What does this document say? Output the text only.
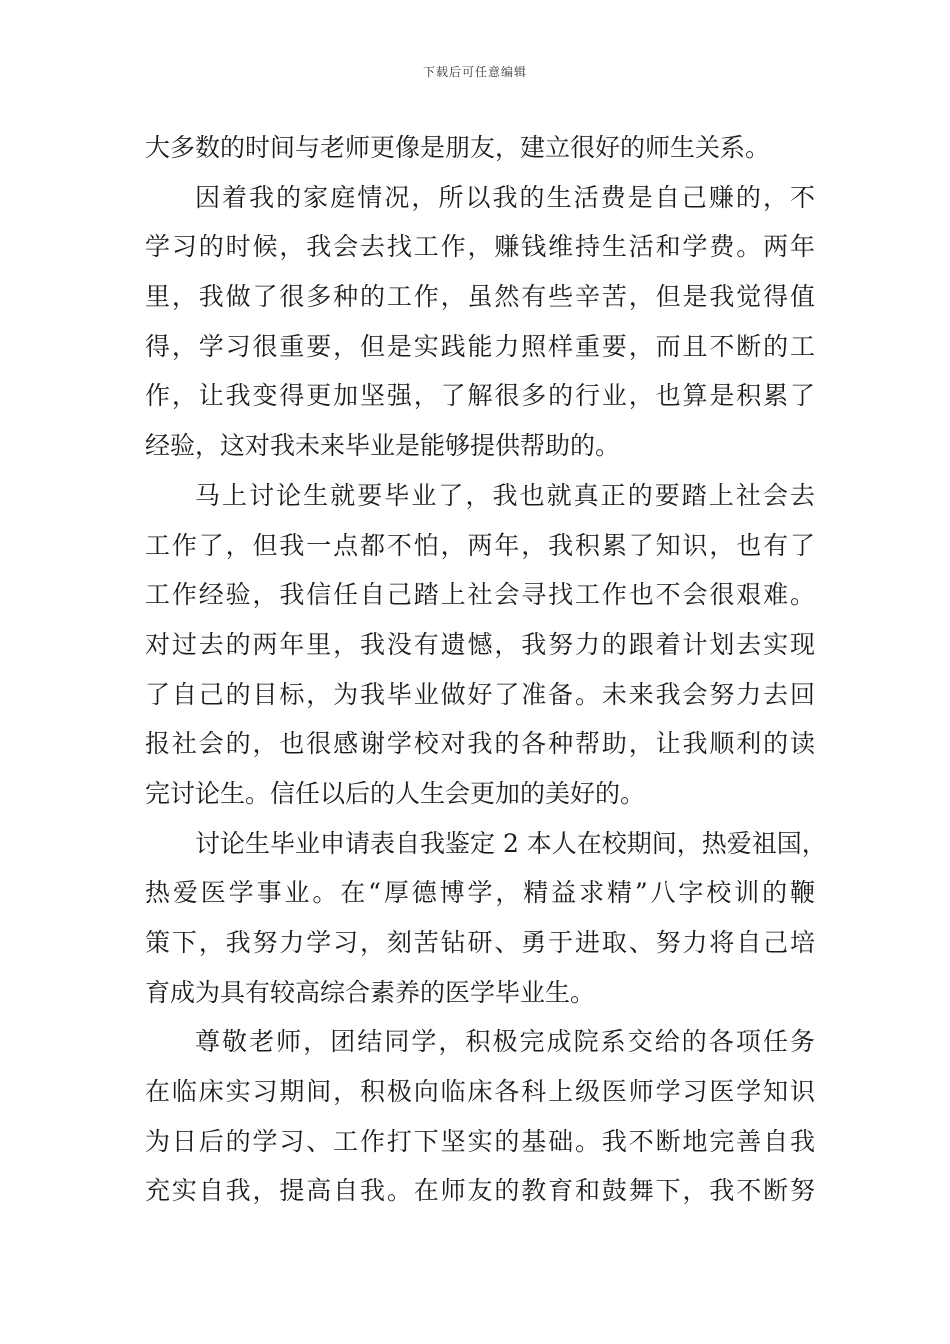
下载后可任意编辑
大多数的时间与老师更像是朋友，建立很好的师生关系。
因着我的家庭情况，所以我的生活费是自己赚的，不
学习的时候，我会去找工作，赚钱维持生活和学费。两年
里，我做了很多种的工作，虽然有些辛苦，但是我觉得值
得，学习很重要，但是实践能力照样重要，而且不断的工
作，让我变得更加坚强，了解很多的行业，也算是积累了
经验，这对我未来毕业是能够提供帮助的。
马上讨论生就要毕业了，我也就真正的要踏上社会去
工作了，但我一点都不怕，两年，我积累了知识，也有了
工作经验，我信任自己踏上社会寻找工作也不会很艰难。
对过去的两年里，我没有遗憾，我努力的跟着计划去实现
了自己的目标，为我毕业做好了准备。未来我会努力去回
报社会的，也很感谢学校对我的各种帮助，让我顺利的读
完讨论生。信任以后的人生会更加的美好的。
讨论生毕业申请表自我鉴定 2 本人在校期间，热爱祖国，
热爱医学事业。在“厚德博学，精益求精”八字校训的鞭
策下，我努力学习，刻苦钻研、勇于进取、努力将自己培
育成为具有较高综合素养的医学毕业生。
尊敬老师，团结同学，积极完成院系交给的各项任务
在临床实习期间，积极向临床各科上级医师学习医学知识
为日后的学习、工作打下坚实的基础。我不断地完善自我
充实自我，提高自我。在师友的教育和鼓舞下，我不断努
